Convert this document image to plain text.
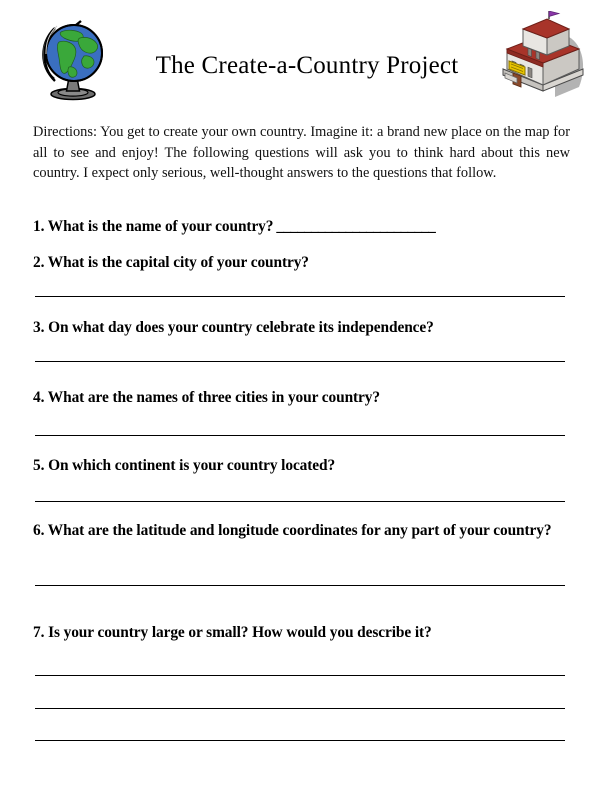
The Create-a-Country Project

Directions: You get to create your own country. Imagine it: a brand new place on the map for all to see and enjoy! The following questions will ask you to think hard about this new country. I expect only serious, well-thought answers to the questions that follow.

1. What is the name of your country? _______________________
2. What is the capital city of your country?
3. On what day does your country celebrate its independence?
4. What are the names of three cities in your country?
5. On which continent is your country located?
6. What are the latitude and longitude coordinates for any part of your country?
7. Is your country large or small? How would you describe it?
